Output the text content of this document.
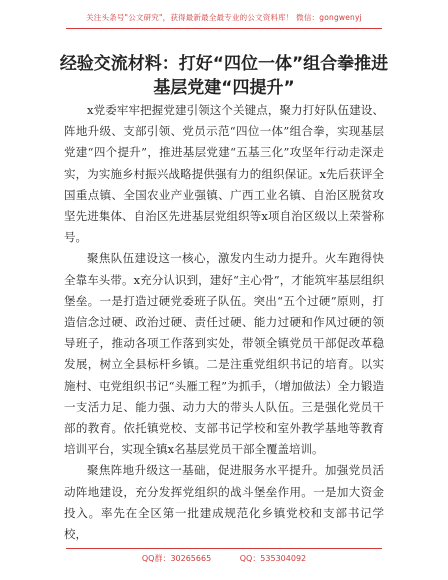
关注头条号"公文研究"，获得最新最全最专业的公文资料库！ 微信：gongwenyj
经验交流材料：打好“四位一体”组合拳推进
基层党建“四提升”

x党委牢牢把握党建引领这个关键点，聚力打好队伍建设、阵地升级、支部引领、党员示范“四位一体”组合拳，实现基层党建“四个提升”，推进基层党建“五基三化”攻坚年行动走深走实，为实施乡村振兴战略提供强有力的组织保证。x先后获评全国重点镇、全国农业产业强镇、广西工业名镇、自治区脱贫攻坚先进集体、自治区先进基层党组织等x项自治区级以上荣誉称号。

聚焦队伍建设这一核心，激发内生动力提升。火车跑得快全靠车头带。x充分认识到，建好“主心骨”，才能筑牢基层组织堡垒。一是打造过硬党委班子队伍。突出“五个过硬”原则，打造信念过硬、政治过硬、责任过硬、能力过硬和作风过硬的领导班子，推动各项工作落到实处，带领全镇党员干部促改革稳发展，树立全县标杆乡镇。二是注重党组织书记的培育。以实施村、屯党组织书记“头雁工程”为抓手，（增加做法）全力锻造一支活力足、能力强、动力大的带头人队伍。三是强化党员干部的教育。依托镇党校、支部书记学校和室外教学基地等教育培训平台，实现全镇x名基层党员干部全覆盖培训。

聚焦阵地升级这一基础，促进服务水平提升。加强党员活动阵地建设，充分发挥党组织的战斗堡垒作用。一是加大资金投入。率先在全区第一批建成规范化乡镇党校和支部书记学校，

QQ群：30265665	QQ：535304092
